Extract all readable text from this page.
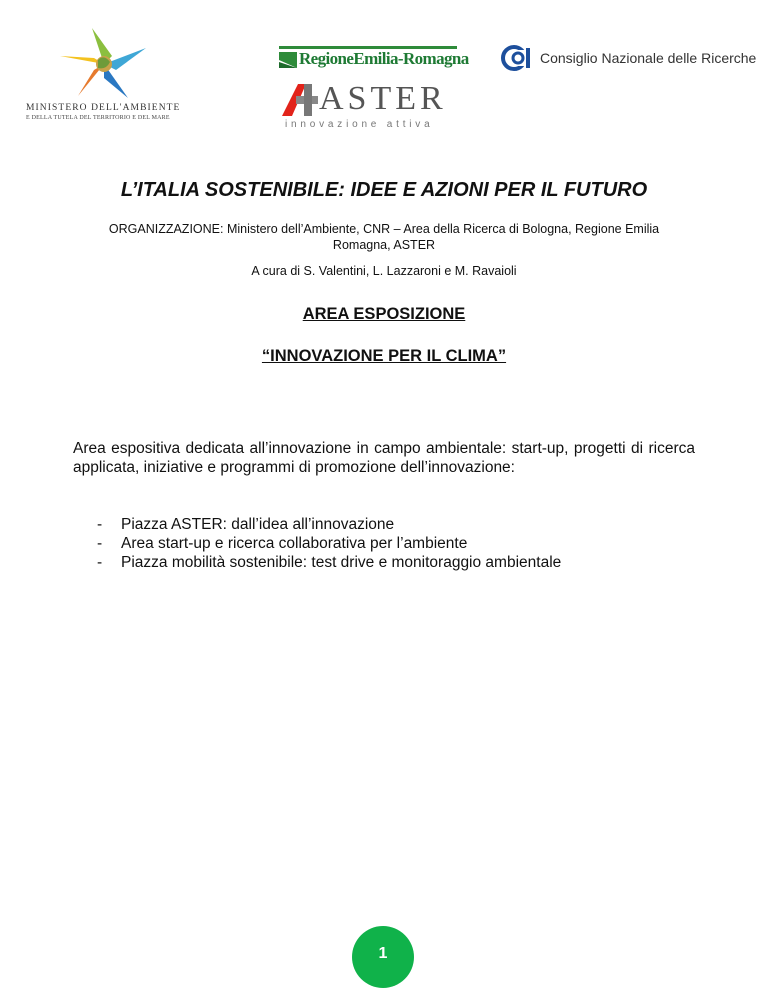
MINISTERO DELL'AMBIENTE
E DELLA TUTELA DEL TERRITORIO E DEL MARE
RegioneEmilia-Romagna
ASTER
innovazione attiva
Consiglio Nazionale delle Ricerche
L’ITALIA SOSTENIBILE: IDEE E AZIONI PER IL FUTURO

ORGANIZZAZIONE: Ministero dell’Ambiente, CNR – Area della Ricerca di Bologna, Regione Emilia Romagna, ASTER

A cura di S. Valentini, L. Lazzaroni e M. Ravaioli

AREA ESPOSIZIONE
“INNOVAZIONE PER IL CLIMA”

Area espositiva dedicata all’innovazione in campo ambientale: start-up, progetti di ricerca applicata, iniziative e programmi di promozione dell’innovazione:

- Piazza ASTER: dall’idea all’innovazione
- Area start-up e ricerca collaborativa per l’ambiente
- Piazza mobilità sostenibile: test drive e monitoraggio ambientale
1
